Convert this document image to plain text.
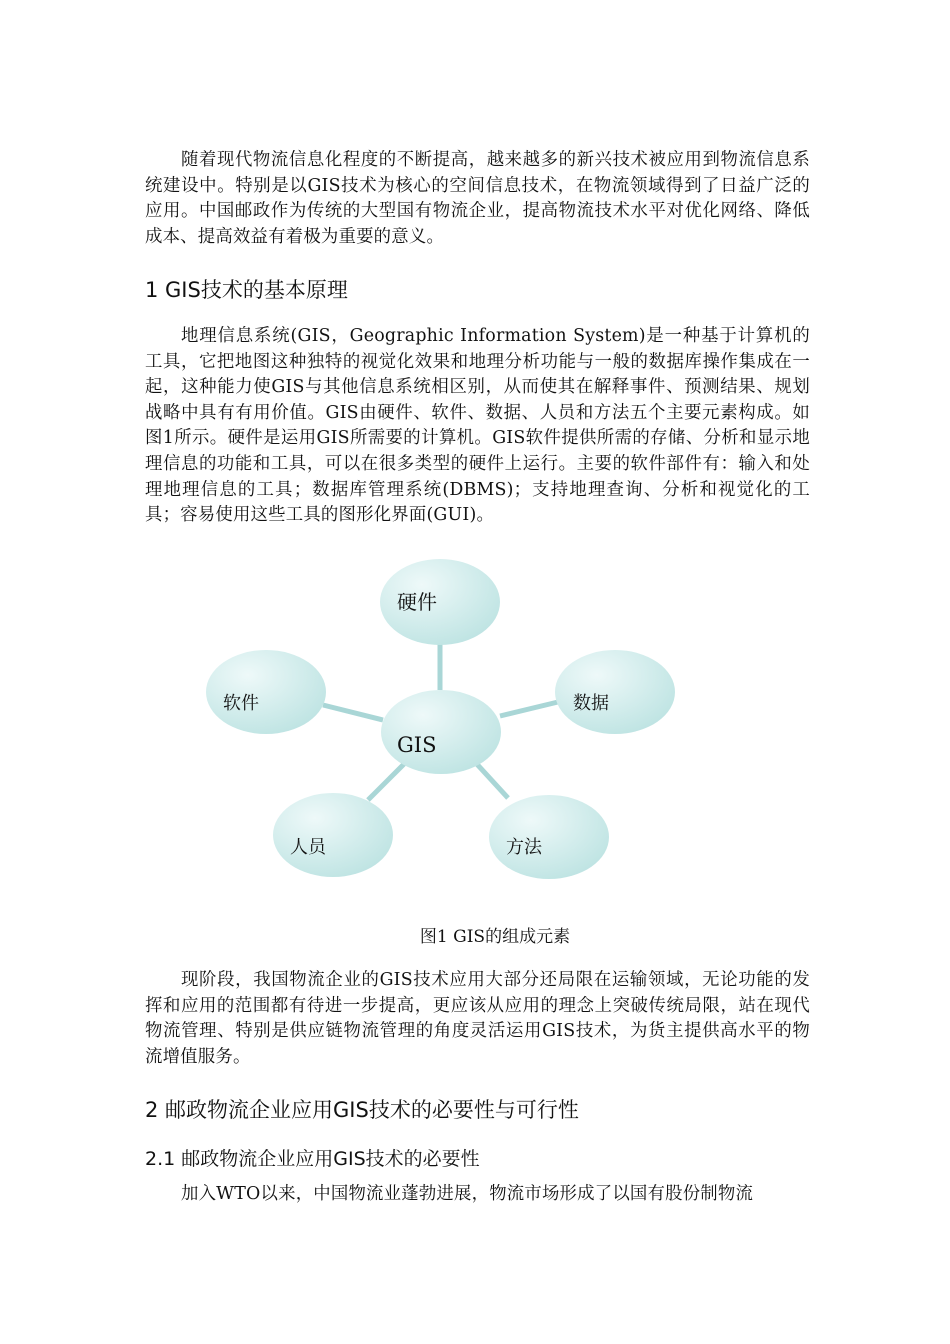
随着现代物流信息化程度的不断提高，越来越多的新兴技术被应用到物流信息系统建设中。特别是以GIS技术为核心的空间信息技术，在物流领域得到了日益广泛的应用。中国邮政作为传统的大型国有物流企业，提高物流技术水平对优化网络、降低成本、提高效益有着极为重要的意义。

1 GIS技术的基本原理

地理信息系统(GIS，Geographic Information System)是一种基于计算机的工具，它把地图这种独特的视觉化效果和地理分析功能与一般的数据库操作集成在一起，这种能力使GIS与其他信息系统相区别，从而使其在解释事件、预测结果、规划战略中具有有用价值。GIS由硬件、软件、数据、人员和方法五个主要元素构成。如图1所示。硬件是运用GIS所需要的计算机。GIS软件提供所需的存储、分析和显示地理信息的功能和工具，可以在很多类型的硬件上运行。主要的软件部件有：输入和处理地理信息的工具；数据库管理系统(DBMS)；支持地理查询、分析和视觉化的工具；容易使用这些工具的图形化界面(GUI)。

硬件
软件	数据
GIS
人员	方法

图1 GIS的组成元素

现阶段，我国物流企业的GIS技术应用大部分还局限在运输领域，无论功能的发挥和应用的范围都有待进一步提高，更应该从应用的理念上突破传统局限，站在现代物流管理、特别是供应链物流管理的角度灵活运用GIS技术，为货主提供高水平的物流增值服务。

2 邮政物流企业应用GIS技术的必要性与可行性
2.1 邮政物流企业应用GIS技术的必要性

加入WTO以来，中国物流业蓬勃进展，物流市场形成了以国有股份制物流
